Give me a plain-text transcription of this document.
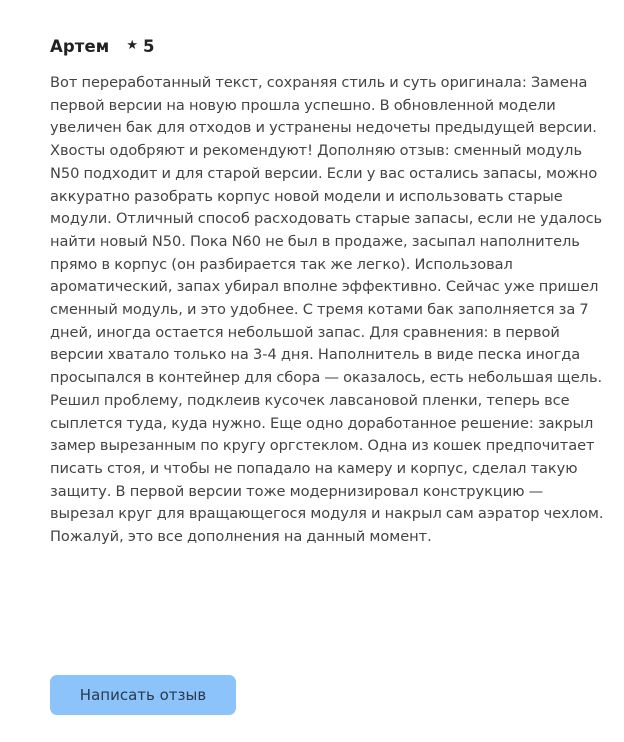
Артем ★ 5
Вот переработанный текст, сохраняя стиль и суть оригинала: Замена первой версии на новую прошла успешно. В обновленной модели увеличен бак для отходов и устранены недочеты предыдущей версии. Хвосты одобряют и рекомендуют! Дополняю отзыв: сменный модуль N50 подходит и для старой версии. Если у вас остались запасы, можно аккуратно разобрать корпус новой модели и использовать старые модули. Отличный способ расходовать старые запасы, если не удалось найти новый N50. Пока N60 не был в продаже, засыпал наполнитель прямо в корпус (он разбирается так же легко). Использовал ароматический, запах убирал вполне эффективно. Сейчас уже пришел сменный модуль, и это удобнее. С тремя котами бак заполняется за 7 дней, иногда остается небольшой запас. Для сравнения: в первой версии хватало только на 3-4 дня. Наполнитель в виде песка иногда просыпался в контейнер для сбора — оказалось, есть небольшая щель. Решил проблему, подклеив кусочек лавсановой пленки, теперь все сыплется туда, куда нужно. Еще одно доработанное решение: закрыл замер вырезанным по кругу оргстеклом. Одна из кошек предпочитает писать стоя, и чтобы не попадало на камеру и корпус, сделал такую защиту. В первой версии тоже модернизировал конструкцию — вырезал круг для вращающегося модуля и накрыл сам аэратор чехлом. Пожалуй, это все дополнения на данный момент.
Написать отзыв
